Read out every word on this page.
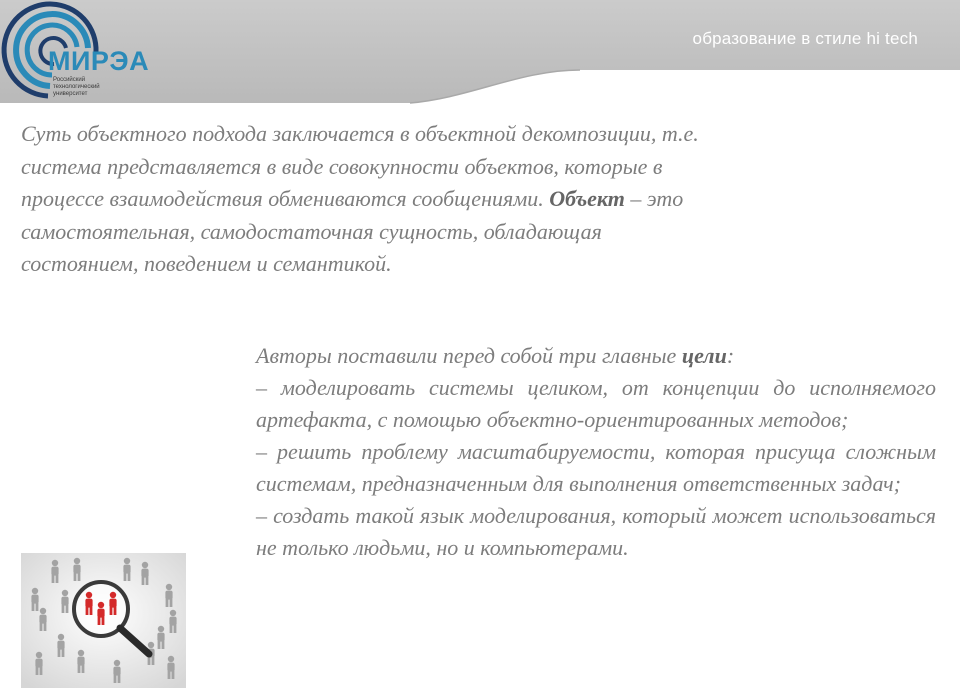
МИРЭА
Российский
технологический
университет
образование в стиле hi tech
Суть объектного подхода заключается в объектной декомпозиции, т.е. система представляется в виде совокупности объектов, которые в процессе взаимодействия обмениваются сообщениями. Объект – это самостоятельная, самодостаточная сущность, обладающая состоянием, поведением и семантикой.

Авторы поставили перед собой три главные цели:

– моделировать системы целиком, от концепции до исполняемого артефакта, с помощью объектно-ориентированных методов;

– решить проблему масштабируемости, которая присуща сложным системам, предназначенным для выполнения ответственных задач;

– создать такой язык моделирования, который может использоваться не только людьми, но и компьютерами.
